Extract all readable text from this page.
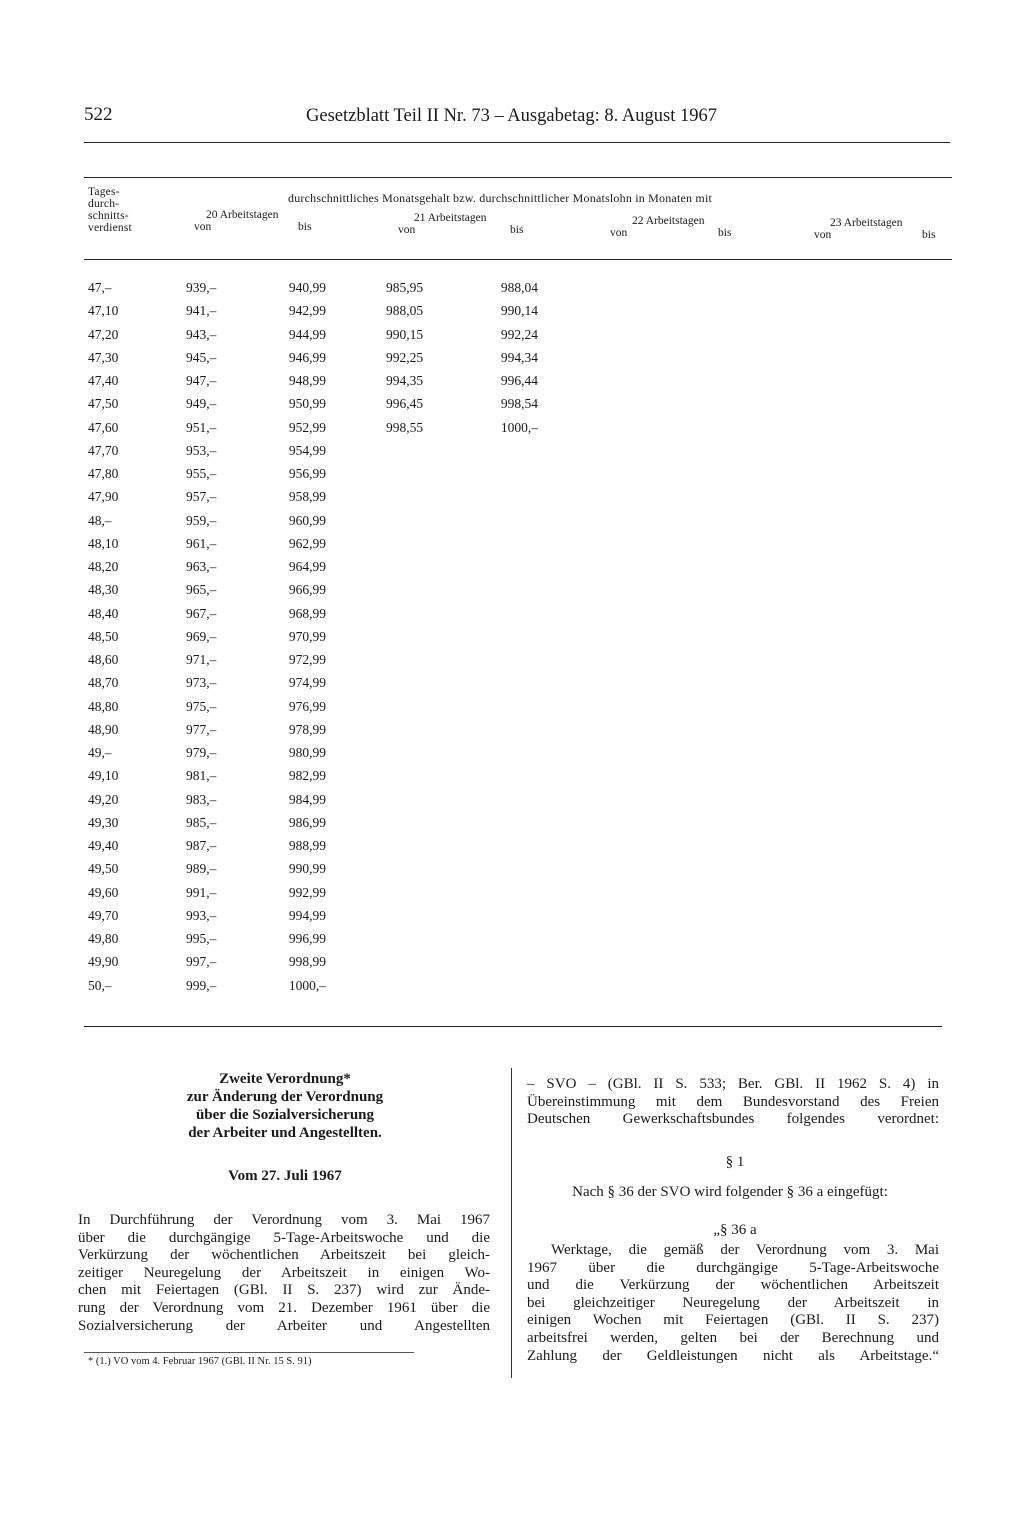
522	Gesetzblatt Teil II Nr. 73 – Ausgabetag: 8. August 1967
Tages-
durch-
schnitts-
verdienst
durchschnittliches Monatsgehalt bzw. durchschnittlicher Monatslohn in Monaten mit
20 Arbeitstagen
von	bis
21 Arbeitstagen
von	bis
22 Arbeitstagen
von	bis
23 Arbeitstagen
von	bis
47,–	939,–	940,99	985,95	988,04
47,10	941,–	942,99	988,05	990,14
47,20	943,–	944,99	990,15	992,24
47,30	945,–	946,99	992,25	994,34
47,40	947,–	948,99	994,35	996,44
47,50	949,–	950,99	996,45	998,54
47,60	951,–	952,99	998,55	1000,–
47,70	953,–	954,99
47,80	955,–	956,99
47,90	957,–	958,99
48,–	959,–	960,99
48,10	961,–	962,99
48,20	963,–	964,99
48,30	965,–	966,99
48,40	967,–	968,99
48,50	969,–	970,99
48,60	971,–	972,99
48,70	973,–	974,99
48,80	975,–	976,99
48,90	977,–	978,99
49,–	979,–	980,99
49,10	981,–	982,99
49,20	983,–	984,99
49,30	985,–	986,99
49,40	987,–	988,99
49,50	989,–	990,99
49,60	991,–	992,99
49,70	993,–	994,99
49,80	995,–	996,99
49,90	997,–	998,99
50,–	999,–	1000,–
Zweite Verordnung*
zur Änderung der Verordnung
über die Sozialversicherung
der Arbeiter und Angestellten.
Vom 27. Juli 1967
In Durchführung der Verordnung vom 3. Mai 1967
über die durchgängige 5-Tage-Arbeitswoche und die
Verkürzung der wöchentlichen Arbeitszeit bei gleich-
zeitiger Neuregelung der Arbeitszeit in einigen Wo-
chen mit Feiertagen (GBl. II S. 237) wird zur Ände-
rung der Verordnung vom 21. Dezember 1961 über die
Sozialversicherung der Arbeiter und Angestellten
* (1.) VO vom 4. Februar 1967 (GBl. II Nr. 15 S. 91)
– SVO – (GBl. II S. 533; Ber. GBl. II 1962 S. 4) in
Übereinstimmung mit dem Bundesvorstand des Freien
Deutschen Gewerkschaftsbundes folgendes verordnet:
§ 1
Nach § 36 der SVO wird folgender § 36 a eingefügt:
„§ 36 a
Werktage, die gemäß der Verordnung vom 3. Mai
1967 über die durchgängige 5-Tage-Arbeitswoche
und die Verkürzung der wöchentlichen Arbeitszeit
bei gleichzeitiger Neuregelung der Arbeitszeit in
einigen Wochen mit Feiertagen (GBl. II S. 237)
arbeitsfrei werden, gelten bei der Berechnung und
Zahlung der Geldleistungen nicht als Arbeitstage.“
